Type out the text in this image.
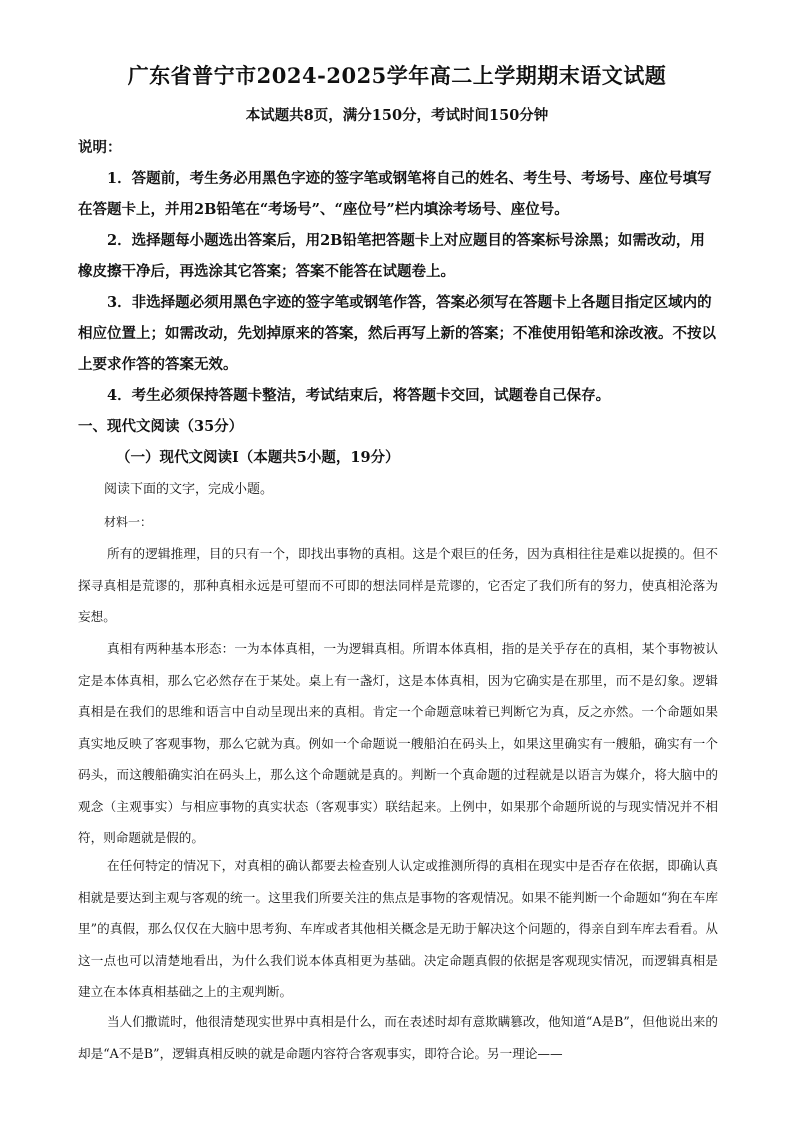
广东省普宁市2024-2025学年高二上学期期末语文试题
本试题共8页，满分150分，考试时间150分钟
说明：
1．答题前，考生务必用黑色字迹的签字笔或钢笔将自己的姓名、考生号、考场号、座位号填写在答题卡上，并用2B铅笔在“考场号”、“座位号”栏内填涂考场号、座位号。
2．选择题每小题选出答案后，用2B铅笔把答题卡上对应题目的答案标号涂黑；如需改动，用橡皮擦干净后，再选涂其它答案；答案不能答在试题卷上。
3．非选择题必须用黑色字迹的签字笔或钢笔作答，答案必须写在答题卡上各题目指定区域内的相应位置上；如需改动，先划掉原来的答案，然后再写上新的答案；不准使用铅笔和涂改液。不按以上要求作答的答案无效。
4．考生必须保持答题卡整洁，考试结束后，将答题卡交回，试题卷自己保存。
一、现代文阅读（35分）
（一）现代文阅读Ⅰ（本题共5小题，19分）
阅读下面的文字，完成小题。
材料一：
所有的逻辑推理，目的只有一个，即找出事物的真相。这是个艰巨的任务，因为真相往往是难以捉摸的。但不探寻真相是荒谬的，那种真相永远是可望而不可即的想法同样是荒谬的，它否定了我们所有的努力，使真相沦落为妄想。
真相有两种基本形态：一为本体真相，一为逻辑真相。所谓本体真相，指的是关乎存在的真相，某个事物被认定是本体真相，那么它必然存在于某处。桌上有一盏灯，这是本体真相，因为它确实是在那里，而不是幻象。逻辑真相是在我们的思维和语言中自动呈现出来的真相。肯定一个命题意味着已判断它为真，反之亦然。一个命题如果真实地反映了客观事物，那么它就为真。例如一个命题说一艘船泊在码头上，如果这里确实有一艘船，确实有一个码头，而这艘船确实泊在码头上，那么这个命题就是真的。判断一个真命题的过程就是以语言为媒介，将大脑中的观念（主观事实）与相应事物的真实状态（客观事实）联结起来。上例中，如果那个命题所说的与现实情况并不相符，则命题就是假的。
在任何特定的情况下，对真相的确认都要去检查别人认定或推测所得的真相在现实中是否存在依据，即确认真相就是要达到主观与客观的统一。这里我们所要关注的焦点是事物的客观情况。如果不能判断一个命题如“狗在车库里”的真假，那么仅仅在大脑中思考狗、车库或者其他相关概念是无助于解决这个问题的，得亲自到车库去看看。从这一点也可以清楚地看出，为什么我们说本体真相更为基础。决定命题真假的依据是客观现实情况，而逻辑真相是建立在本体真相基础之上的主观判断。
当人们撒谎时，他很清楚现实世界中真相是什么，而在表述时却有意欺瞒篡改，他知道“A是B”，但他说出来的却是“A不是B”，逻辑真相反映的就是命题内容符合客观事实，即符合论。另一理论——
